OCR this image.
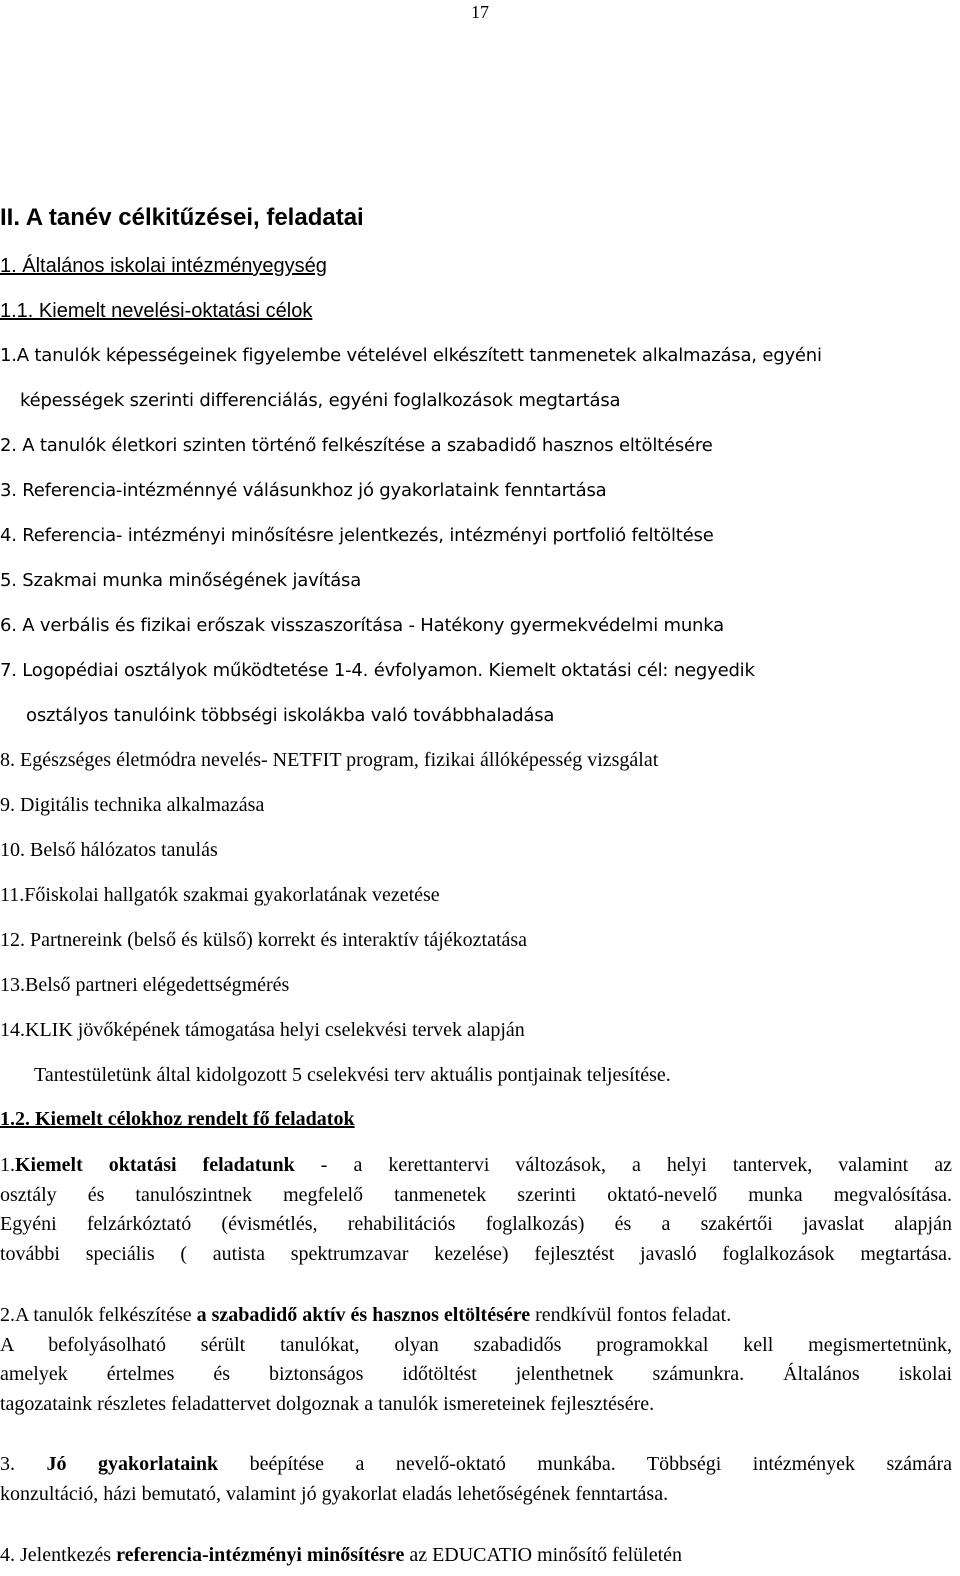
17
II. A tanév célkitűzései, feladatai
1. Általános iskolai intézményegység
1.1. Kiemelt nevelési-oktatási célok
1.A tanulók képességeinek figyelembe vételével elkészített tanmenetek alkalmazása, egyéni
képességek szerinti differenciálás, egyéni foglalkozások megtartása
2. A tanulók életkori szinten történő felkészítése a szabadidő hasznos eltöltésére
3. Referencia-intézménnyé válásunkhoz jó gyakorlataink fenntartása
4. Referencia- intézményi minősítésre jelentkezés, intézményi portfolió feltöltése
5. Szakmai munka minőségének javítása
6. A verbális és fizikai erőszak visszaszorítása - Hatékony gyermekvédelmi munka
7. Logopédiai osztályok működtetése 1-4. évfolyamon. Kiemelt oktatási cél: negyedik
osztályos tanulóink többségi iskolákba való továbbhaladása
8. Egészséges életmódra nevelés- NETFIT program, fizikai állóképesség vizsgálat
9. Digitális technika alkalmazása
10. Belső hálózatos tanulás
11.Főiskolai hallgatók szakmai gyakorlatának vezetése
12. Partnereink (belső és külső) korrekt és interaktív tájékoztatása
13.Belső partneri elégedettségmérés
14.KLIK jövőképének támogatása helyi cselekvési tervek alapján
Tantestületünk által kidolgozott 5 cselekvési terv aktuális pontjainak teljesítése.
1.2. Kiemelt célokhoz rendelt fő feladatok
1.Kiemelt oktatási feladatunk - a kerettantervi változások, a helyi tantervek, valamint az
osztály és tanulószintnek megfelelő tanmenetek szerinti oktató-nevelő munka megvalósítása.
Egyéni felzárkóztató (évismétlés, rehabilitációs foglalkozás) és a szakértői javaslat alapján
további speciális ( autista spektrumzavar kezelése) fejlesztést javasló foglalkozások megtartása.
2.A tanulók felkészítése a szabadidő aktív és hasznos eltöltésére rendkívül fontos feladat.
A befolyásolható sérült tanulókat, olyan szabadidős programokkal kell megismertetnünk,
amelyek értelmes és biztonságos időtöltést jelenthetnek számunkra. Általános iskolai
tagozataink részletes feladattervet dolgoznak a tanulók ismereteinek fejlesztésére.
3. Jó gyakorlataink beépítése a nevelő-oktató munkába. Többségi intézmények számára
konzultáció, házi bemutató, valamint jó gyakorlat eladás lehetőségének fenntartása.
4. Jelentkezés referencia-intézményi minősítésre az EDUCATIO minősítő felületén
